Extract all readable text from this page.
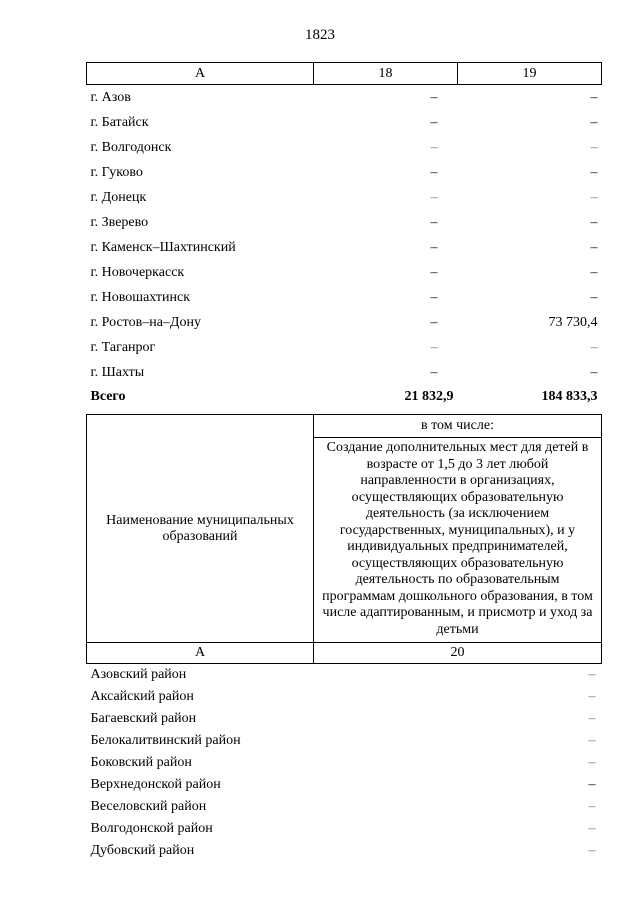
1823
А	18	19
г. Азов	–	–
г. Батайск	–	–
г. Волгодонск	–	–
г. Гуково	–	–
г. Донецк	–	–
г. Зверево	–	–
г. Каменск–Шахтинский	–	–
г. Новочеркасск	–	–
г. Новошахтинск	–	–
г. Ростов–на–Дону	–	73 730,4
г. Таганрог	–	–
г. Шахты	–	–
Всего	21 832,9	184 833,3
Наименование муниципальных образований	в том числе:
	Создание дополнительных мест для детей в возрасте от 1,5 до 3 лет любой направленности в организациях, осуществляющих образовательную деятельность (за исключением государственных, муниципальных), и у индивидуальных предпринимателей, осуществляющих образовательную деятельность по образовательным программам дошкольного образования, в том числе адаптированным, и присмотр и уход за детьми
А	20
Азовский район	–
Аксайский район	–
Багаевский район	–
Белокалитвинский район	–
Боковский район	–
Верхнедонской район	–
Веселовский район	–
Волгодонской район	–
Дубовский район	–
